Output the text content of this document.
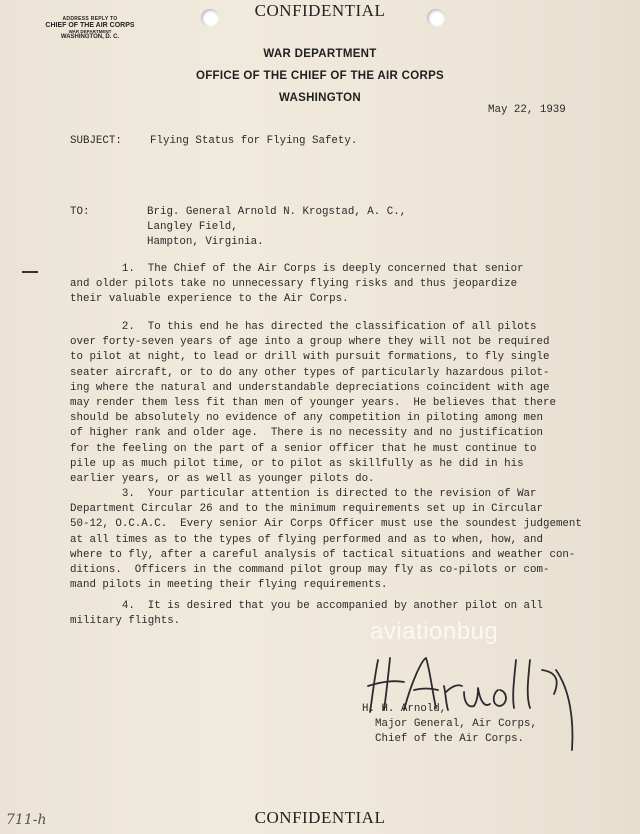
CONFIDENTIAL
ADDRESS REPLY TO
CHIEF OF THE AIR CORPS
WAR DEPARTMENT
WASHINGTON, D. C.
WAR DEPARTMENT
OFFICE OF THE CHIEF OF THE AIR CORPS
WASHINGTON
May 22, 1939
SUBJECT:	Flying Status for Flying Safety.
TO:	Brig. General Arnold N. Krogstad, A. C.,
Langley Field,
Hampton, Virginia.
1.  The Chief of the Air Corps is deeply concerned that senior
and older pilots take no unnecessary flying risks and thus jeopardize
their valuable experience to the Air Corps.
2.  To this end he has directed the classification of all pilots
over forty-seven years of age into a group where they will not be required
to pilot at night, to lead or drill with pursuit formations, to fly single
seater aircraft, or to do any other types of particularly hazardous pilot-
ing where the natural and understandable depreciations coincident with age
may render them less fit than men of younger years.  He believes that there
should be absolutely no evidence of any competition in piloting among men
of higher rank and older age.  There is no necessity and no justification
for the feeling on the part of a senior officer that he must continue to
pile up as much pilot time, or to pilot as skillfully as he did in his
earlier years, or as well as younger pilots do.
3.  Your particular attention is directed to the revision of War
Department Circular 26 and to the minimum requirements set up in Circular
50-12, O.C.A.C.  Every senior Air Corps Officer must use the soundest judgement
at all times as to the types of flying performed and as to when, how, and
where to fly, after a careful analysis of tactical situations and weather con-
ditions.  Officers in the command pilot group may fly as co-pilots or com-
mand pilots in meeting their flying requirements.
4.  It is desired that you be accompanied by another pilot on all
military flights.	aviationbug
H. H. Arnold,
Major General, Air Corps,
Chief of the Air Corps.
711-h	CONFIDENTIAL
